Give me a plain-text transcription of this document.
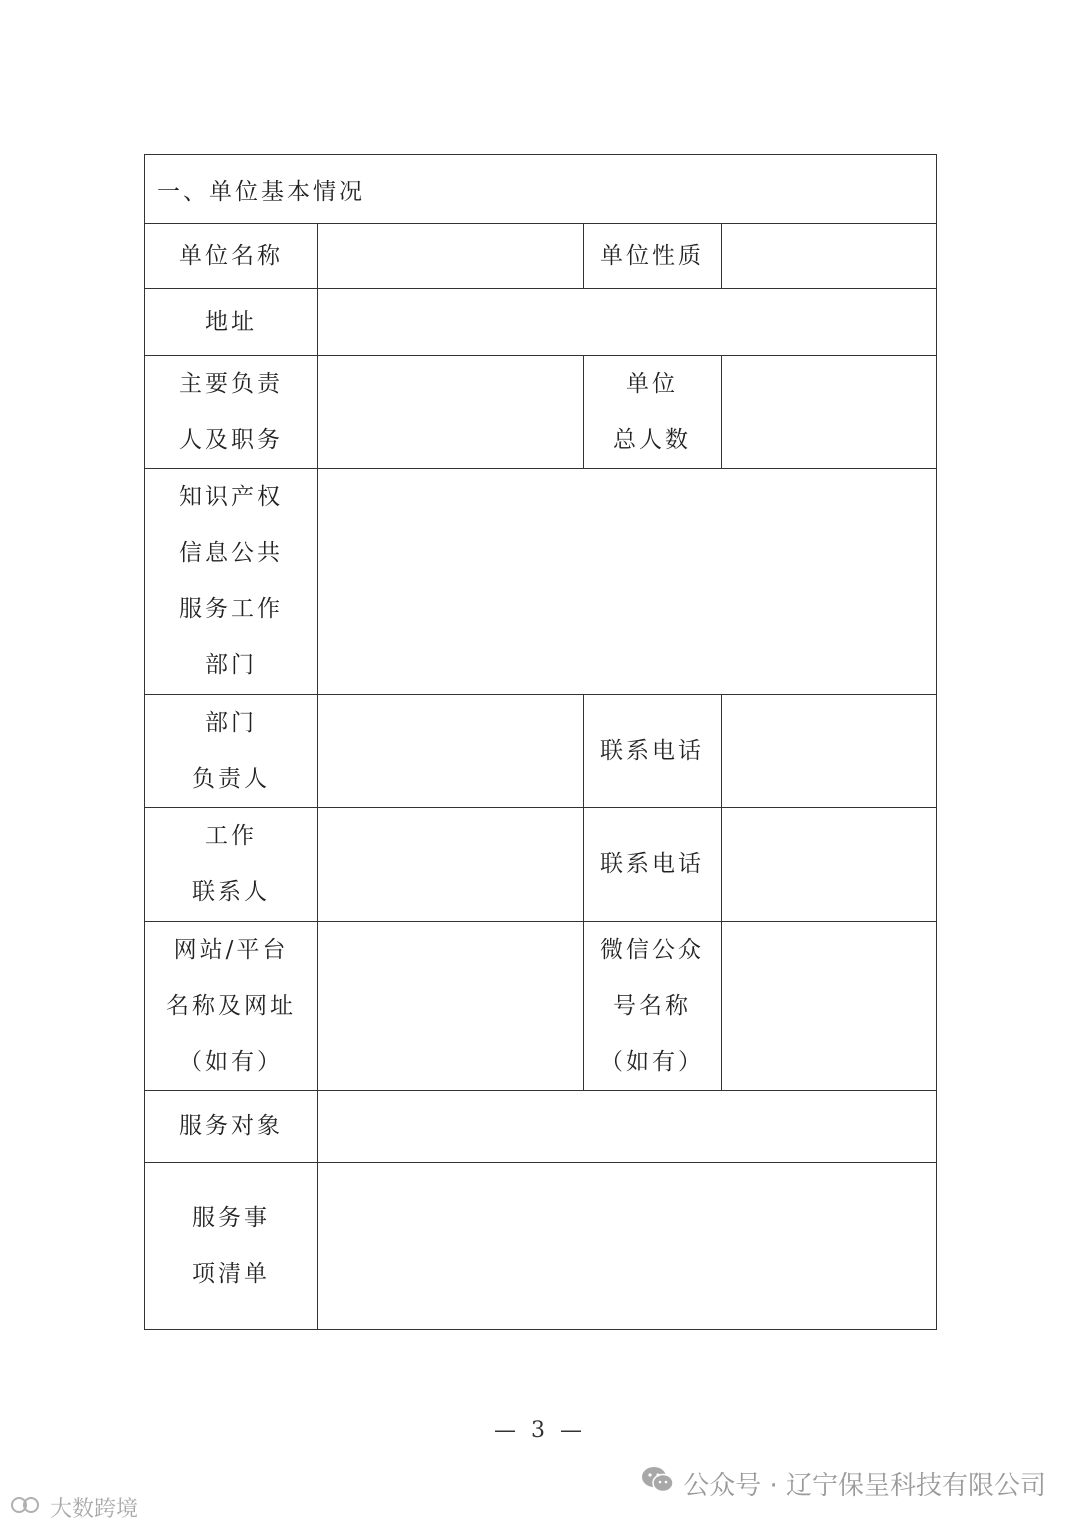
一、单位基本情况
单位名称	单位性质
地址
主要负责
人及职务
单位
总人数
知识产权
信息公共
服务工作
部门
部门
负责人
联系电话
工作
联系人
联系电话
网站/平台
名称及网址
（如有）
微信公众
号名称
（如有）
服务对象
服务事
项清单
— 3 —
公众号 · 辽宁保呈科技有限公司
大数跨境
